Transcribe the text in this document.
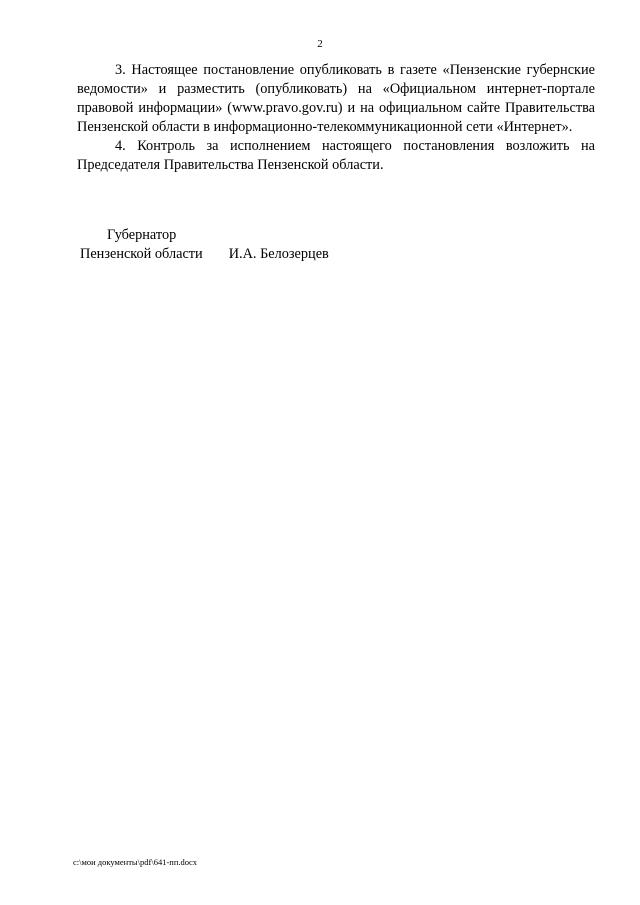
2

3. Настоящее постановление опубликовать в газете «Пензенские губернские ведомости» и разместить (опубликовать) на «Официальном интернет-портале правовой информации» (www.pravo.gov.ru) и на официальном сайте Правительства Пензенской области в информационно-телекоммуникационной сети «Интернет».

4. Контроль за исполнением настоящего постановления возложить на Председателя Правительства Пензенской области.

Губернатор
Пензенской области И.А. Белозерцев
c:\мои документы\pdf\641-пп.docx
